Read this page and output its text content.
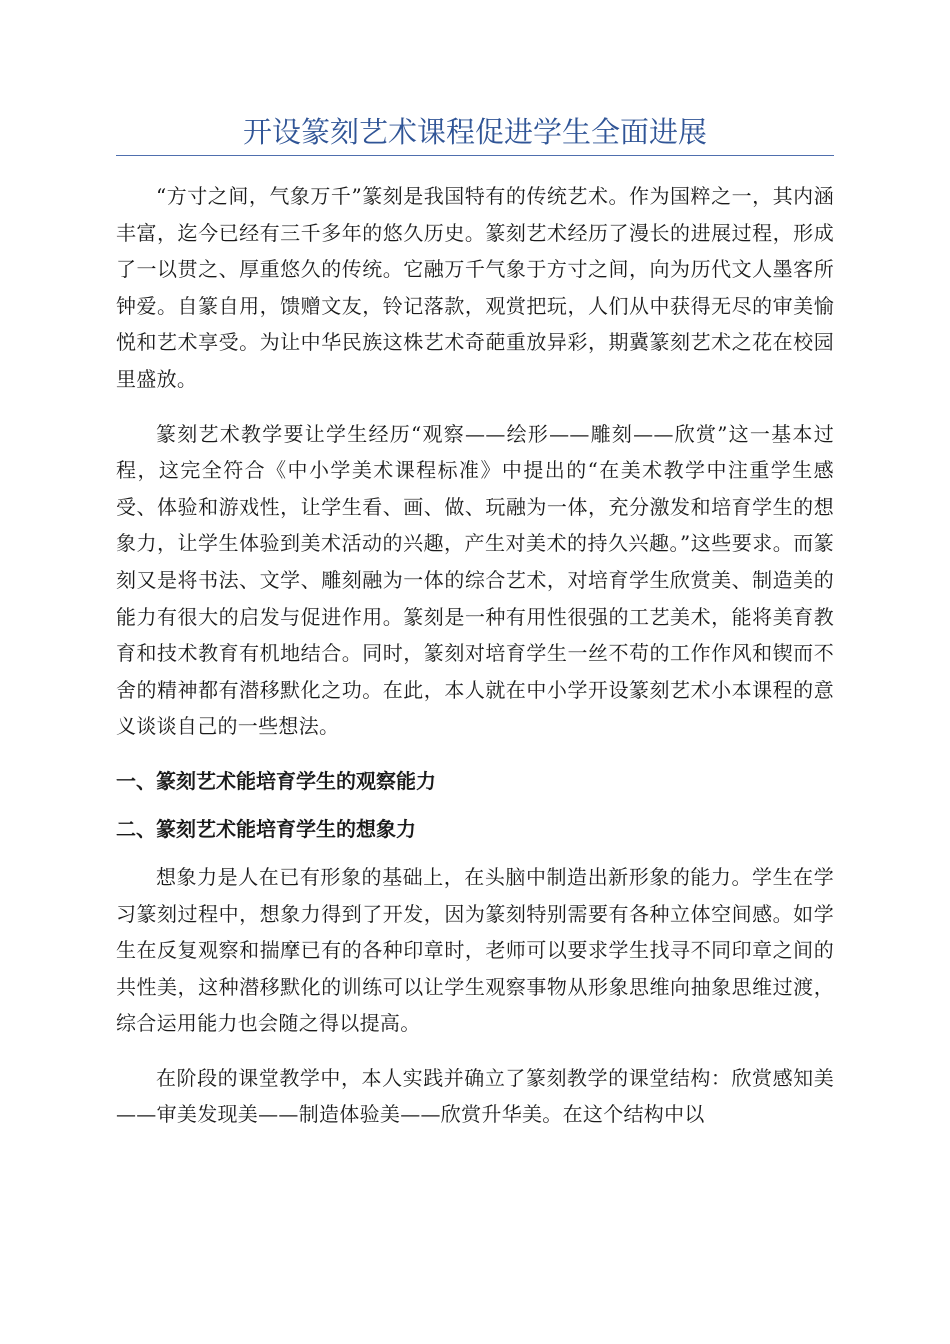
开设篆刻艺术课程促进学生全面进展

“方寸之间，气象万千”篆刻是我国特有的传统艺术。作为国粹之一，其内涵丰富，迄今已经有三千多年的悠久历史。篆刻艺术经历了漫长的进展过程，形成了一以贯之、厚重悠久的传统。它融万千气象于方寸之间，向为历代文人墨客所钟爱。自篆自用，馈赠文友，铃记落款，观赏把玩，人们从中获得无尽的审美愉悦和艺术享受。为让中华民族这株艺术奇葩重放异彩，期冀篆刻艺术之花在校园里盛放。

篆刻艺术教学要让学生经历“观察——绘形——雕刻——欣赏”这一基本过程，这完全符合《中小学美术课程标准》中提出的“在美术教学中注重学生感受、体验和游戏性，让学生看、画、做、玩融为一体，充分激发和培育学生的想象力，让学生体验到美术活动的兴趣，产生对美术的持久兴趣。”这些要求。而篆刻又是将书法、文学、雕刻融为一体的综合艺术，对培育学生欣赏美、制造美的能力有很大的启发与促进作用。篆刻是一种有用性很强的工艺美术，能将美育教育和技术教育有机地结合。同时，篆刻对培育学生一丝不苟的工作作风和锲而不舍的精神都有潜移默化之功。在此，本人就在中小学开设篆刻艺术小本课程的意义谈谈自己的一些想法。

一、篆刻艺术能培育学生的观察能力
二、篆刻艺术能培育学生的想象力

想象力是人在已有形象的基础上，在头脑中制造出新形象的能力。学生在学习篆刻过程中，想象力得到了开发，因为篆刻特别需要有各种立体空间感。如学生在反复观察和揣摩已有的各种印章时，老师可以要求学生找寻不同印章之间的共性美，这种潜移默化的训练可以让学生观察事物从形象思维向抽象思维过渡，综合运用能力也会随之得以提高。

在阶段的课堂教学中，本人实践并确立了篆刻教学的课堂结构：欣赏感知美——审美发现美——制造体验美——欣赏升华美。在这个结构中以
